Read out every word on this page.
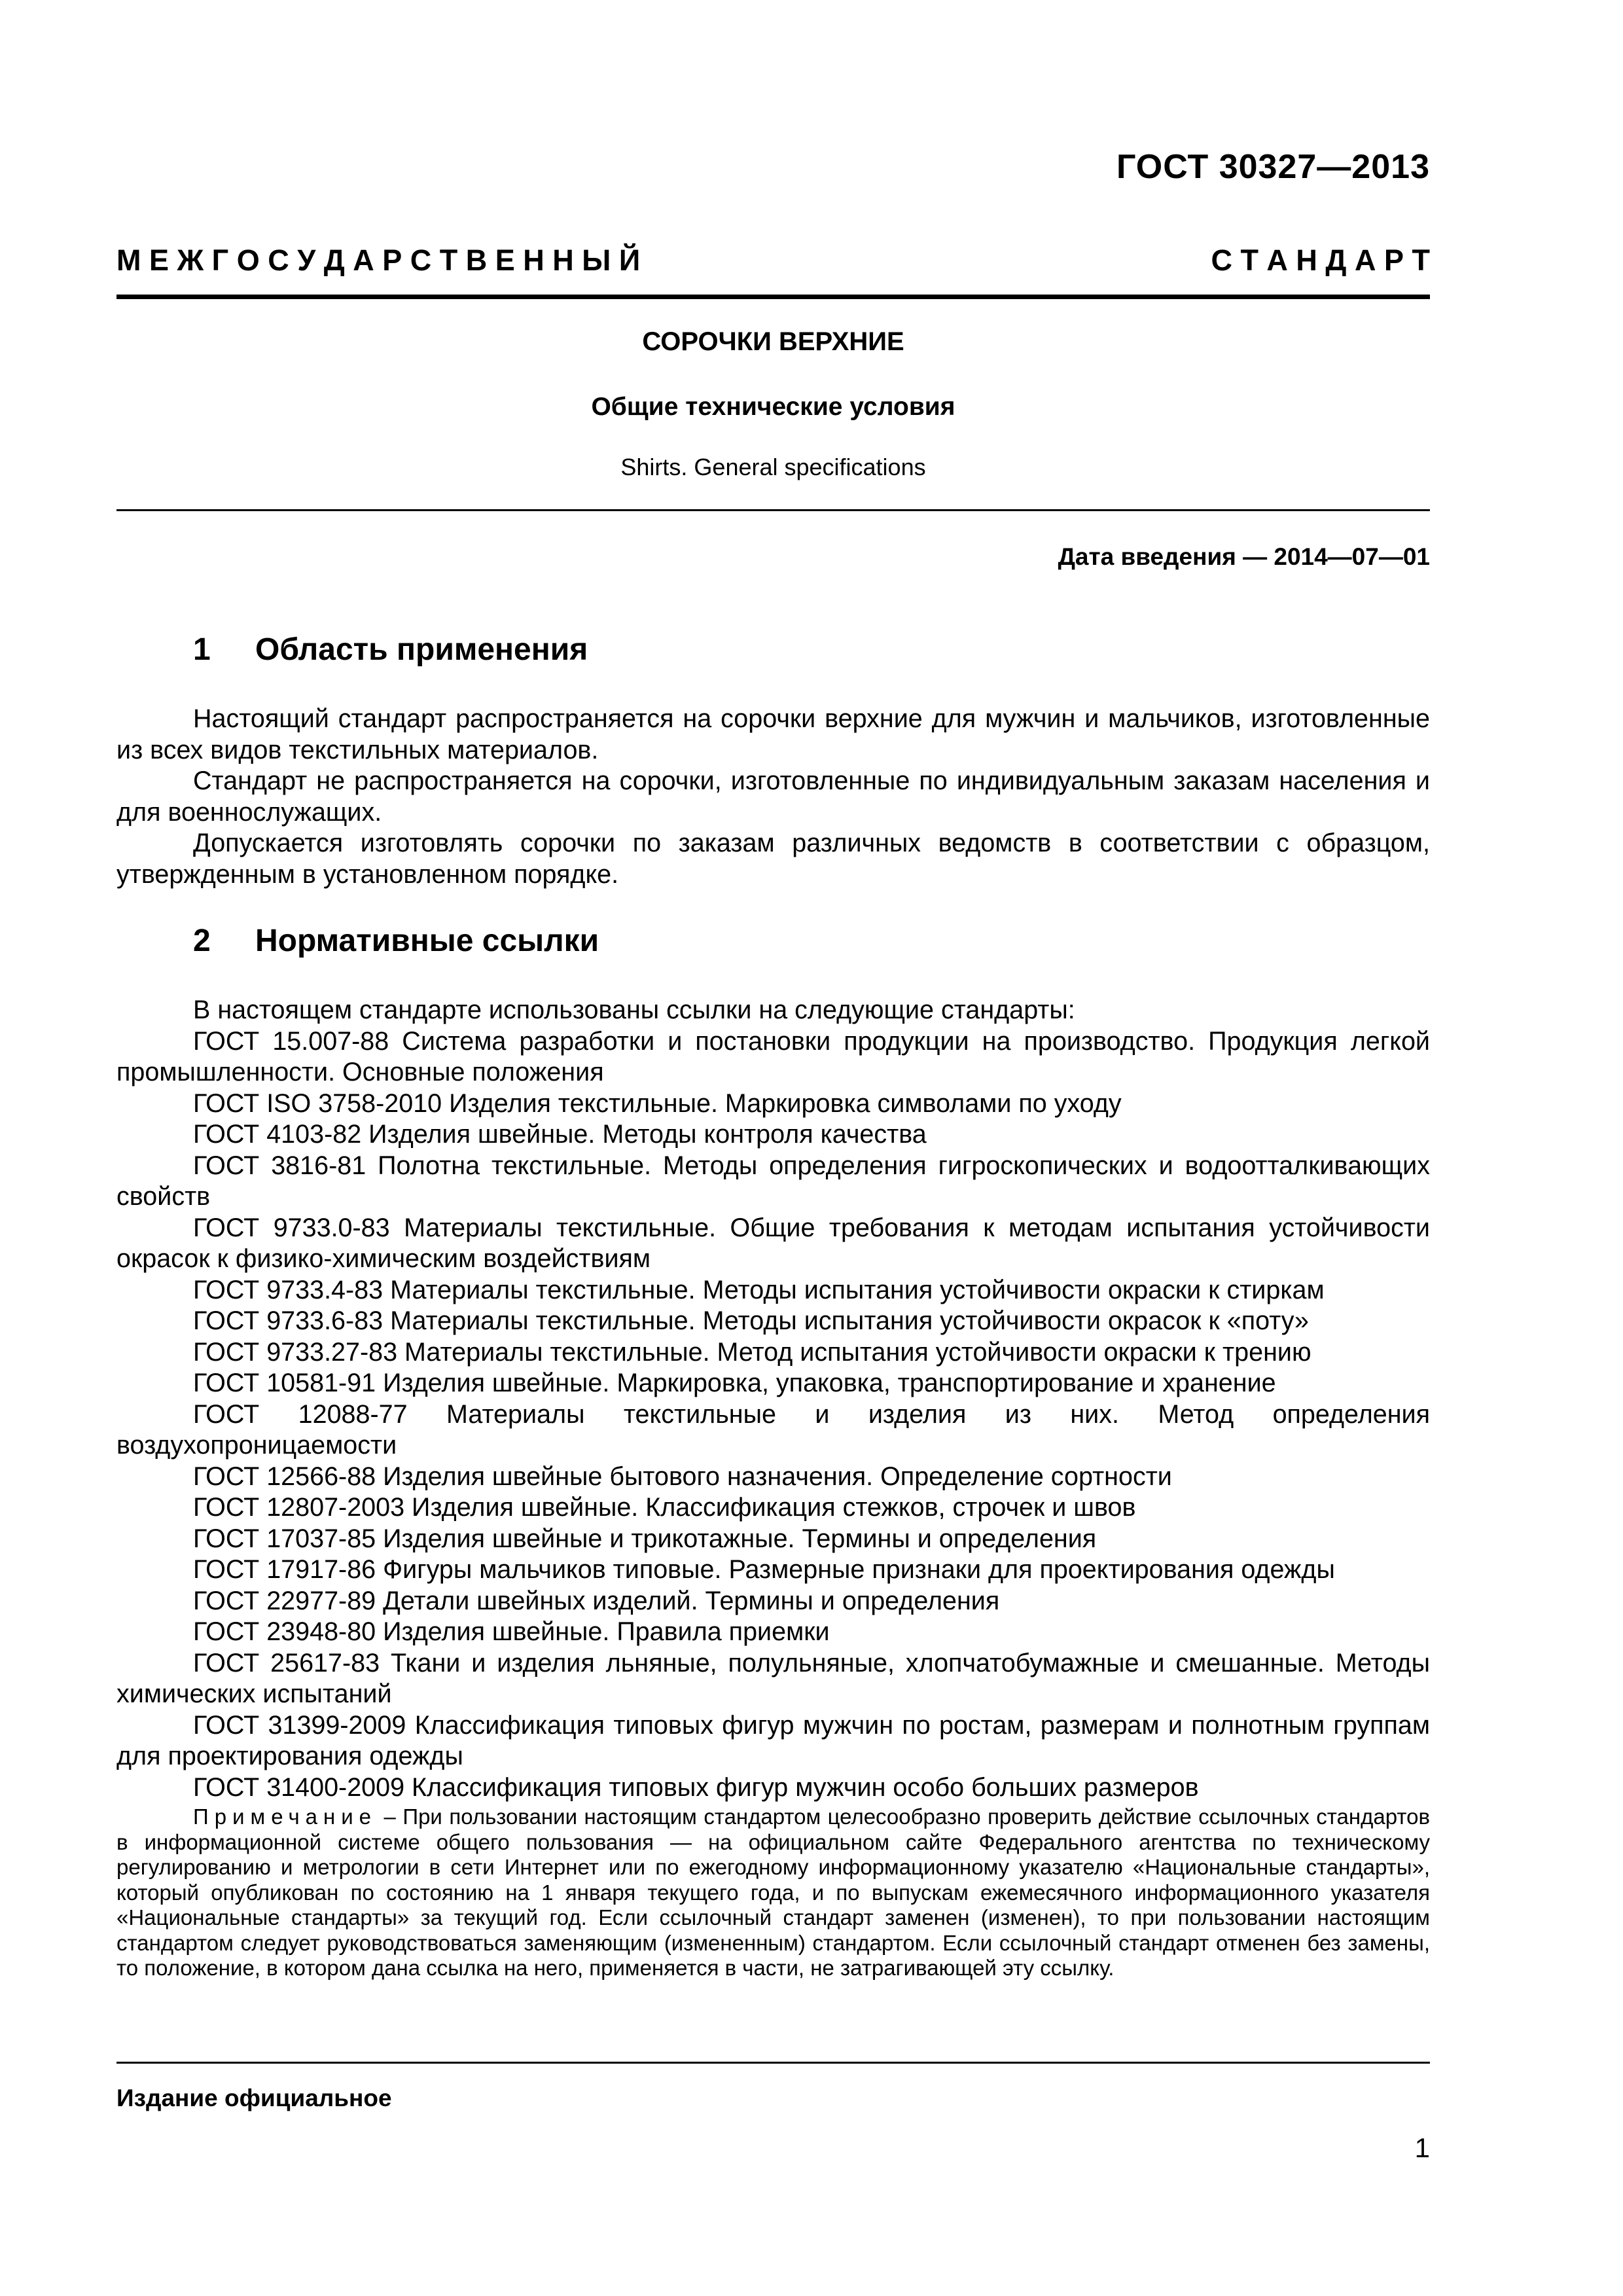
ГОСТ 30327—2013
М Е Ж Г О С У Д А Р С Т В Е Н Н Ы Й	С Т А Н Д А Р Т
СОРОЧКИ ВЕРХНИЕ
Общие технические условия
Shirts. General specifications
Дата введения — 2014—07—01
1 Область применения

Настоящий стандарт распространяется на сорочки верхние для мужчин и мальчиков, изготовленные из всех видов текстильных материалов.

Стандарт не распространяется на сорочки, изготовленные по индивидуальным заказам населения и для военнослужащих.

Допускается изготовлять сорочки по заказам различных ведомств в соответствии с образцом, утвержденным в установленном порядке.

2 Нормативные ссылки

В настоящем стандарте использованы ссылки на следующие стандарты:

ГОСТ 15.007-88 Система разработки и постановки продукции на производство. Продукция легкой промышленности. Основные положения

ГОСТ ISO 3758-2010 Изделия текстильные. Маркировка символами по уходу

ГОСТ 4103-82 Изделия швейные. Методы контроля качества

ГОСТ 3816-81 Полотна текстильные. Методы определения гигроскопических и водоотталкивающих свойств

ГОСТ 9733.0-83 Материалы текстильные. Общие требования к методам испытания устойчивости окрасок к физико-химическим воздействиям

ГОСТ 9733.4-83 Материалы текстильные. Методы испытания устойчивости окраски к стиркам

ГОСТ 9733.6-83 Материалы текстильные. Методы испытания устойчивости окрасок к «поту»

ГОСТ 9733.27-83 Материалы текстильные. Метод испытания устойчивости окраски к трению

ГОСТ 10581-91 Изделия швейные. Маркировка, упаковка, транспортирование и хранение

ГОСТ 12088-77 Материалы текстильные и изделия из них. Метод определения воздухопроницаемости

ГОСТ 12566-88 Изделия швейные бытового назначения. Определение сортности

ГОСТ 12807-2003 Изделия швейные. Классификация стежков, строчек и швов

ГОСТ 17037-85 Изделия швейные и трикотажные. Термины и определения

ГОСТ 17917-86 Фигуры мальчиков типовые. Размерные признаки для проектирования одежды

ГОСТ 22977-89 Детали швейных изделий. Термины и определения

ГОСТ 23948-80 Изделия швейные. Правила приемки

ГОСТ 25617-83 Ткани и изделия льняные, полульняные, хлопчатобумажные и смешанные. Методы химических испытаний

ГОСТ 31399-2009 Классификация типовых фигур мужчин по ростам, размерам и полнотным группам для проектирования одежды

ГОСТ 31400-2009 Классификация типовых фигур мужчин особо больших размеров

Примечание – При пользовании настоящим стандартом целесообразно проверить действие ссылочных стандартов в информационной системе общего пользования — на официальном сайте Федерального агентства по техническому регулированию и метрологии в сети Интернет или по ежегодному информационному указателю «Национальные стандарты», который опубликован по состоянию на 1 января текущего года, и по выпускам ежемесячного информационного указателя «Национальные стандарты» за текущий год. Если ссылочный стандарт заменен (изменен), то при пользовании настоящим стандартом следует руководствоваться заменяющим (измененным) стандартом. Если ссылочный стандарт отменен без замены, то положение, в котором дана ссылка на него, применяется в части, не затрагивающей эту ссылку.
Издание официальное
1
